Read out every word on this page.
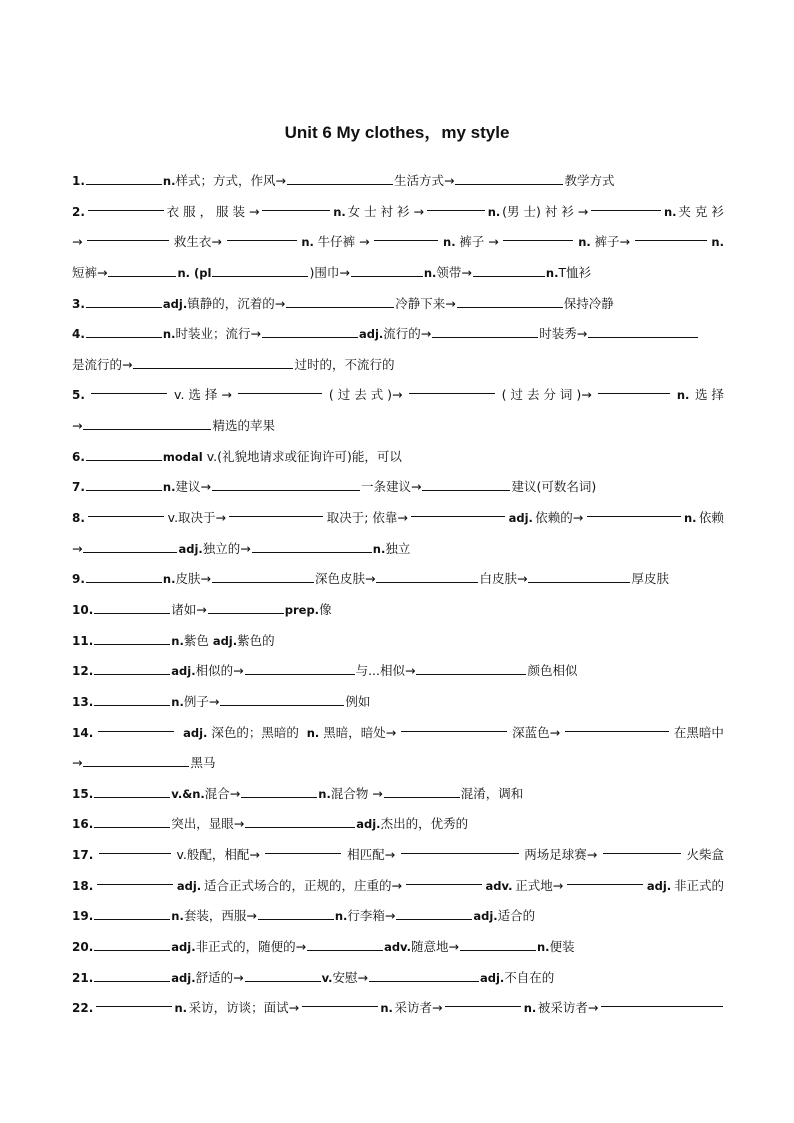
Unit 6 My clothes，my style
1.	n.样式；方式，作风→	生活方式→	教学方式
2.	衣 服 ， 服 装 →	n. 女 士 衬 衫 →	n. (男 士) 衬 衫 →	n. 夹 克 衫
→	救生衣→	n. 牛仔裤 →	n. 裤子 →	n. 裤子→	n.
短裤→	n. (pl	)围巾→	n.领带→	n.T恤衫
3.	adj.镇静的，沉着的→	冷静下来→	保持冷静
4.	n.时装业；流行→	adj.流行的→	时装秀→
是流行的→	过时的，不流行的
5.	v. 选 择 →	( 过 去 式 )→	( 过 去 分 词 )→	n. 选 择
→	精选的苹果
6.	modal v.(礼貌地请求或征询许可)能，可以
7.	n.建议→	一条建议→	建议(可数名词)
8.	v.取决于→	取决于; 依靠→	adj. 依赖的→	n. 依赖
→	adj.独立的→	n.独立
9.	n.皮肤→	深色皮肤→	白皮肤→	厚皮肤
10.	诸如→	prep.像
11.	n.紫色 adj.紫色的
12.	adj.相似的→	与...相似→	颜色相似
13.	n.例子→	例如
14.	adj. 深色的；黑暗的 n. 黑暗，暗处→	深蓝色→	在黑暗中
→	黑马
15.	v.&n.混合→	n.混合物 →	混淆，调和
16.	突出，显眼→	adj.杰出的，优秀的
17.	v.般配，相配→	相匹配→	两场足球赛→	火柴盒
18.	adj. 适合正式场合的，正规的，庄重的→	adv. 正式地→	adj. 非正式的
19.	n.套装，西服→	n.行李箱→	adj.适合的
20.	adj.非正式的，随便的→	adv.随意地→	n.便装
21.	adj.舒适的→	v.安慰→	adj.不自在的
22.	n. 采访，访谈；面试→	n. 采访者→	n. 被采访者→
